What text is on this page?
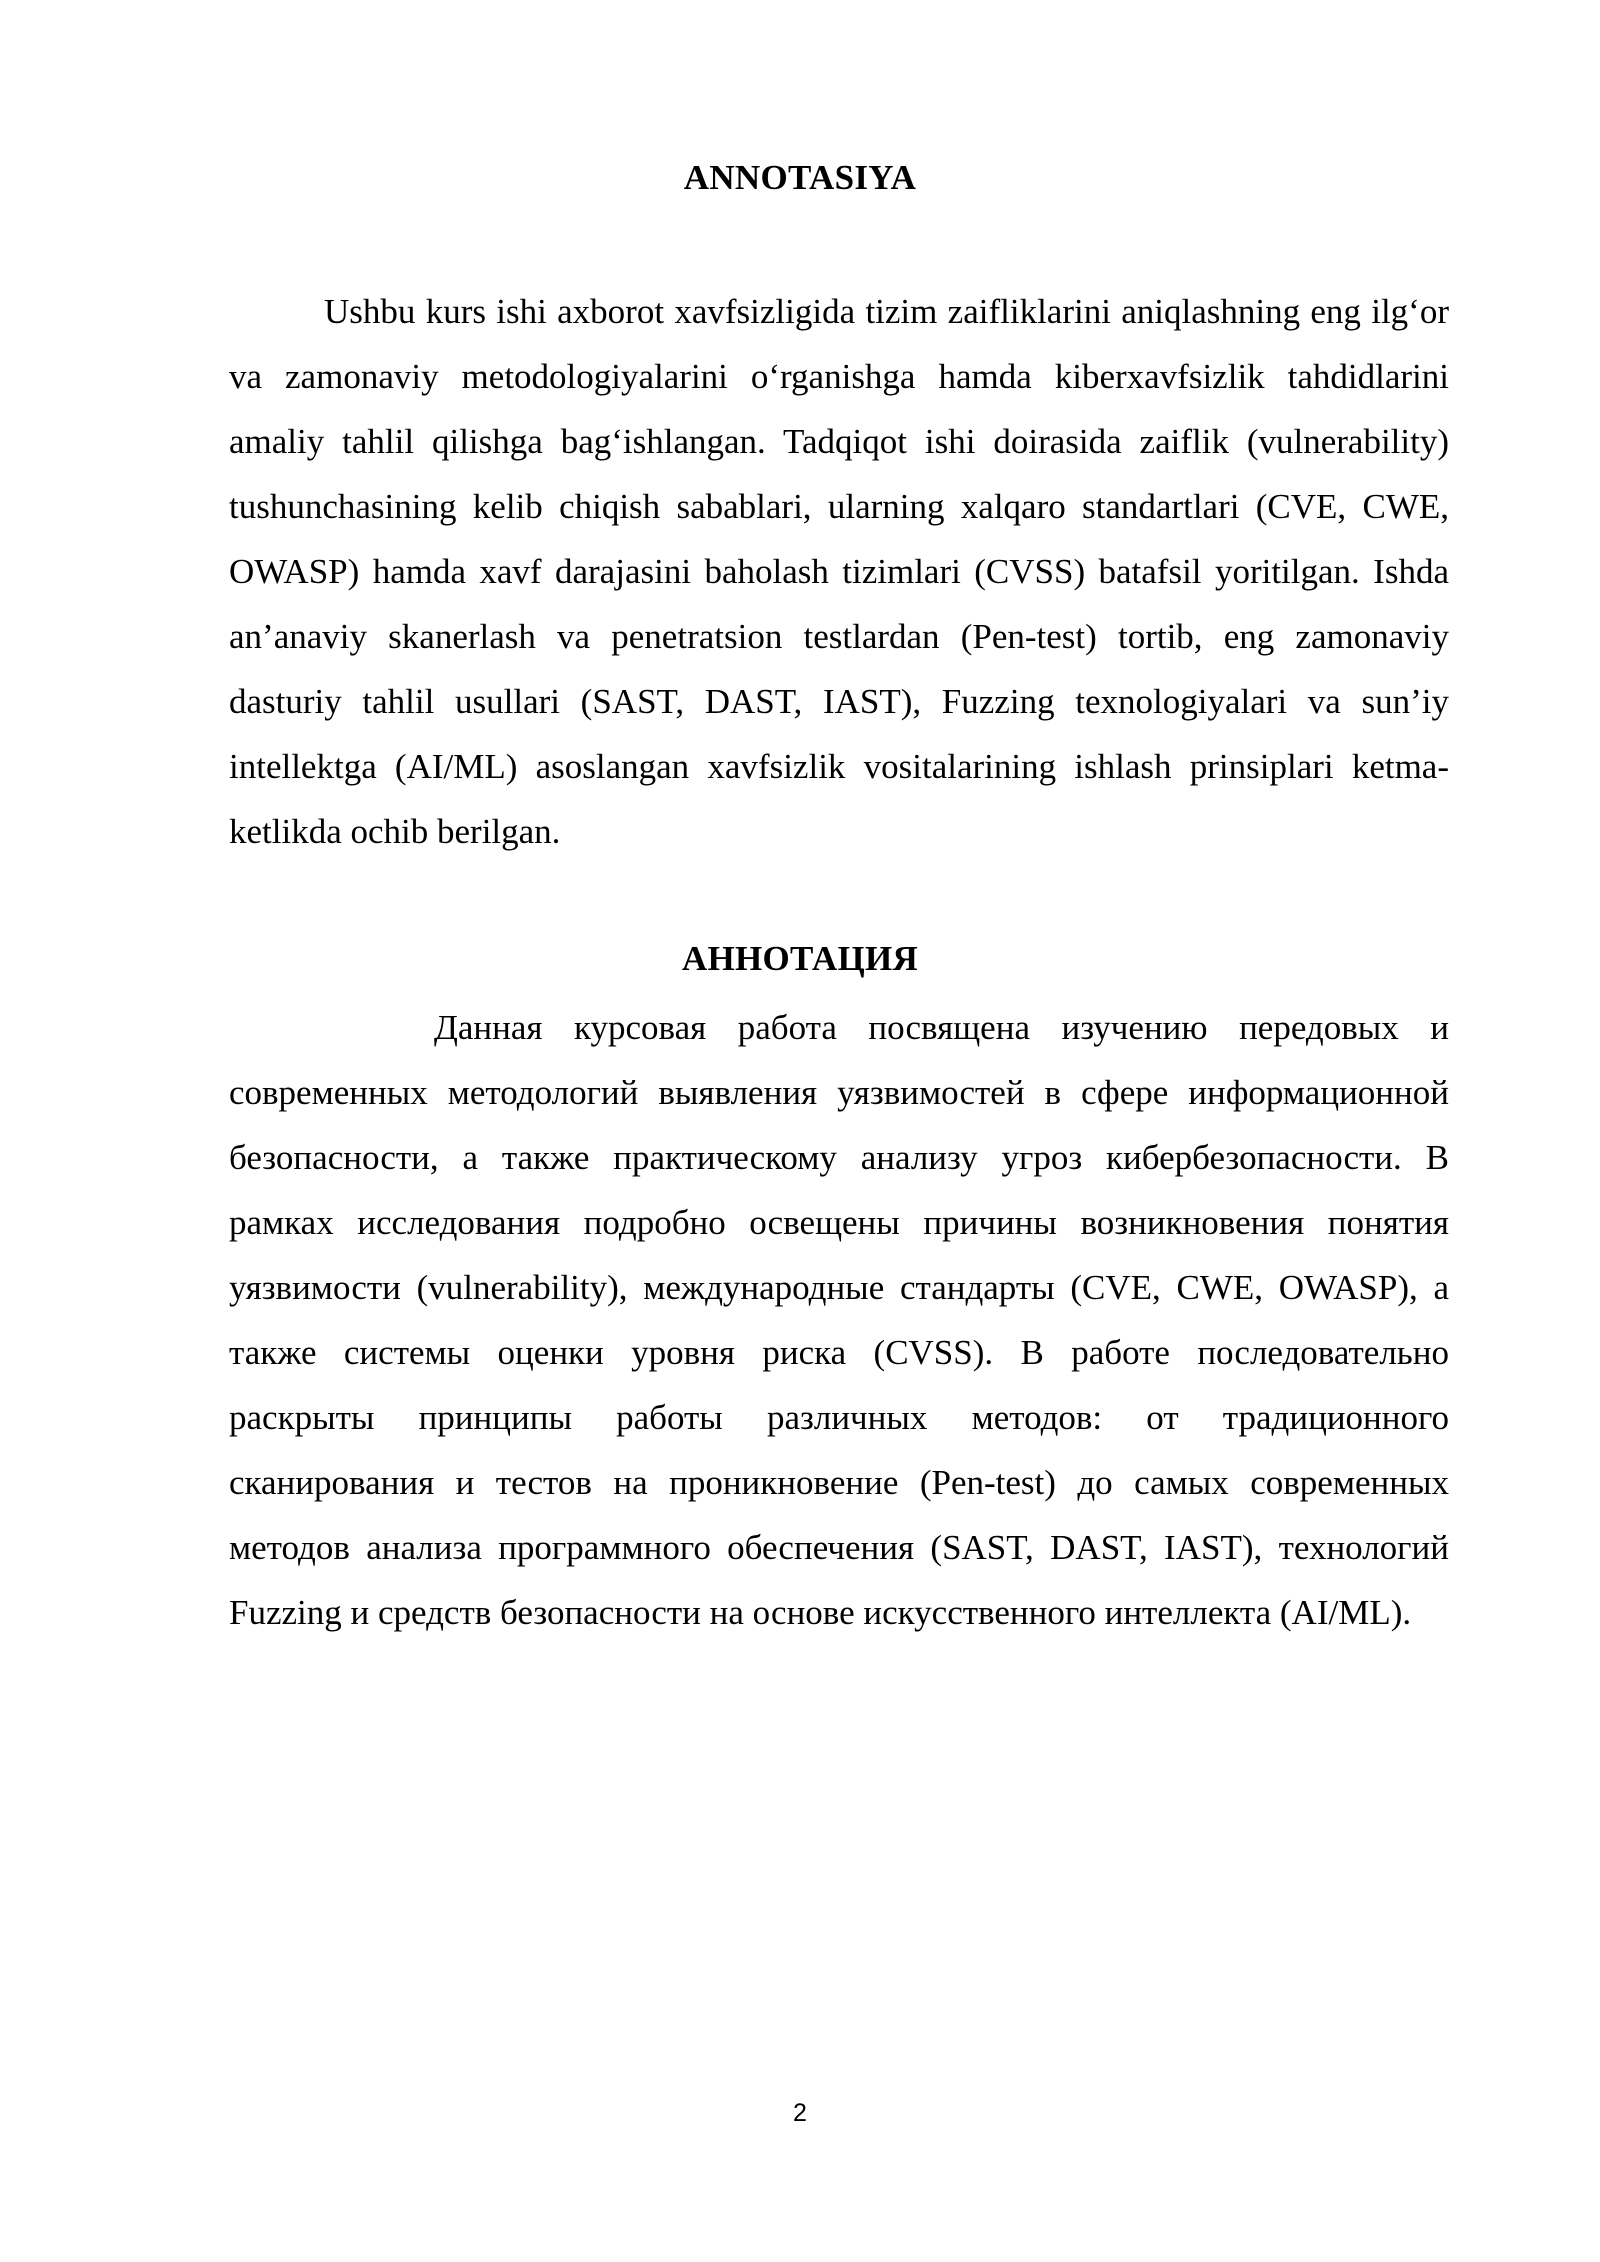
ANNOTASIYA

Ushbu kurs ishi axborot xavfsizligida tizim zaifliklarini aniqlashning eng ilg‘or va zamonaviy metodologiyalarini o‘rganishga hamda kiberxavfsizlik tahdidlarini amaliy tahlil qilishga bag‘ishlangan. Tadqiqot ishi doirasida zaiflik (vulnerability) tushunchasining kelib chiqish sabablari, ularning xalqaro standartlari (CVE, CWE, OWASP) hamda xavf darajasini baholash tizimlari (CVSS) batafsil yoritilgan. Ishda an’anaviy skanerlash va penetratsion testlardan (Pen-test) tortib, eng zamonaviy dasturiy tahlil usullari (SAST, DAST, IAST), Fuzzing texnologiyalari va sun’iy intellektga (AI/ML) asoslangan xavfsizlik vositalarining ishlash prinsiplari ketma-ketlikda ochib berilgan.

АННОТАЦИЯ

Данная курсовая работа посвящена изучению передовых и современных методологий выявления уязвимостей в сфере информационной безопасности, а также практическому анализу угроз кибербезопасности. В рамках исследования подробно освещены причины возникновения понятия уязвимости (vulnerability), международные стандарты (CVE, CWE, OWASP), а также системы оценки уровня риска (CVSS). В работе последовательно раскрыты принципы работы различных методов: от традиционного сканирования и тестов на проникновение (Pen-test) до самых современных методов анализа программного обеспечения (SAST, DAST, IAST), технологий Fuzzing и средств безопасности на основе искусственного интеллекта (AI/ML).

2
